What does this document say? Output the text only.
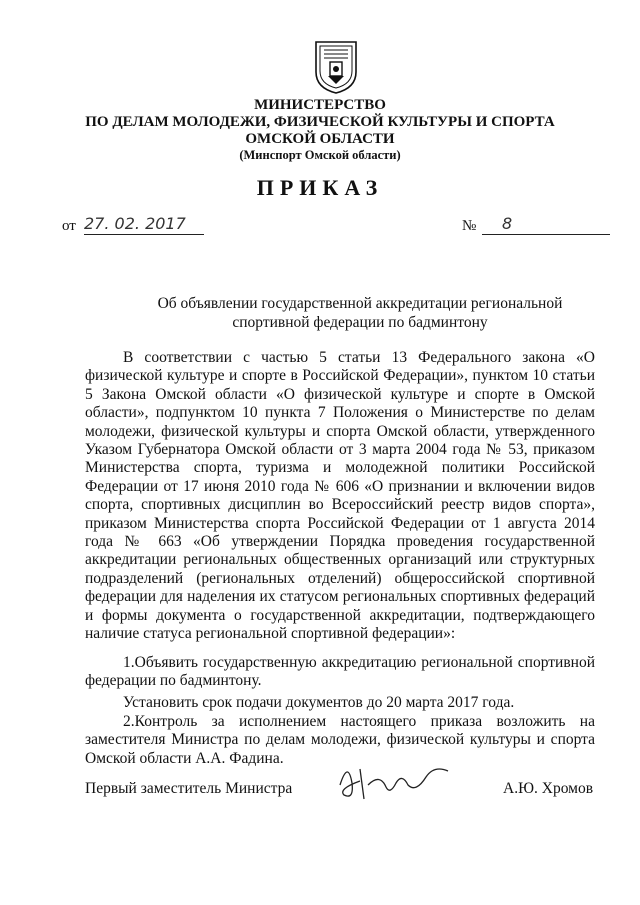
МИНИСТЕРСТВО
ПО ДЕЛАМ МОЛОДЕЖИ, ФИЗИЧЕСКОЙ КУЛЬТУРЫ И СПОРТА
ОМСКОЙ ОБЛАСТИ
(Минспорт Омской области)
ПРИКАЗ
от 27. 02. 2017	№ 8
Об объявлении государственной аккредитации региональной
спортивной федерации по бадминтону

В соответствии с частью 5 статьи 13 Федерального закона «О физической культуре и спорте в Российской Федерации», пунктом 10 статьи 5 Закона Омской области «О физической культуре и спорте в Омской области», подпунктом 10 пункта 7 Положения о Министерстве по делам молодежи, физической культуры и спорта Омской области, утвержденного Указом Губернатора Омской области от 3 марта 2004 года № 53, приказом Министерства спорта, туризма и молодежной политики Российской Федерации от 17 июня 2010 года № 606 «О признании и включении видов спорта, спортивных дисциплин во Всероссийский реестр видов спорта», приказом Министерства спорта Российской Федерации от 1 августа 2014 года № 663 «Об утверждении Порядка проведения государственной аккредитации региональных общественных организаций или структурных подразделений (региональных отделений) общероссийской спортивной федерации для наделения их статусом региональных спортивных федераций и формы документа о государственной аккредитации, подтверждающего наличие статуса региональной спортивной федерации»:

1.Объявить государственную аккредитацию региональной спортивной федерации по бадминтону.

Установить срок подачи документов до 20 марта 2017 года.

2.Контроль за исполнением настоящего приказа возложить на заместителя Министра по делам молодежи, физической культуры и спорта Омской области А.А. Фадина.

Первый заместитель Министра	А.Ю. Хромов
